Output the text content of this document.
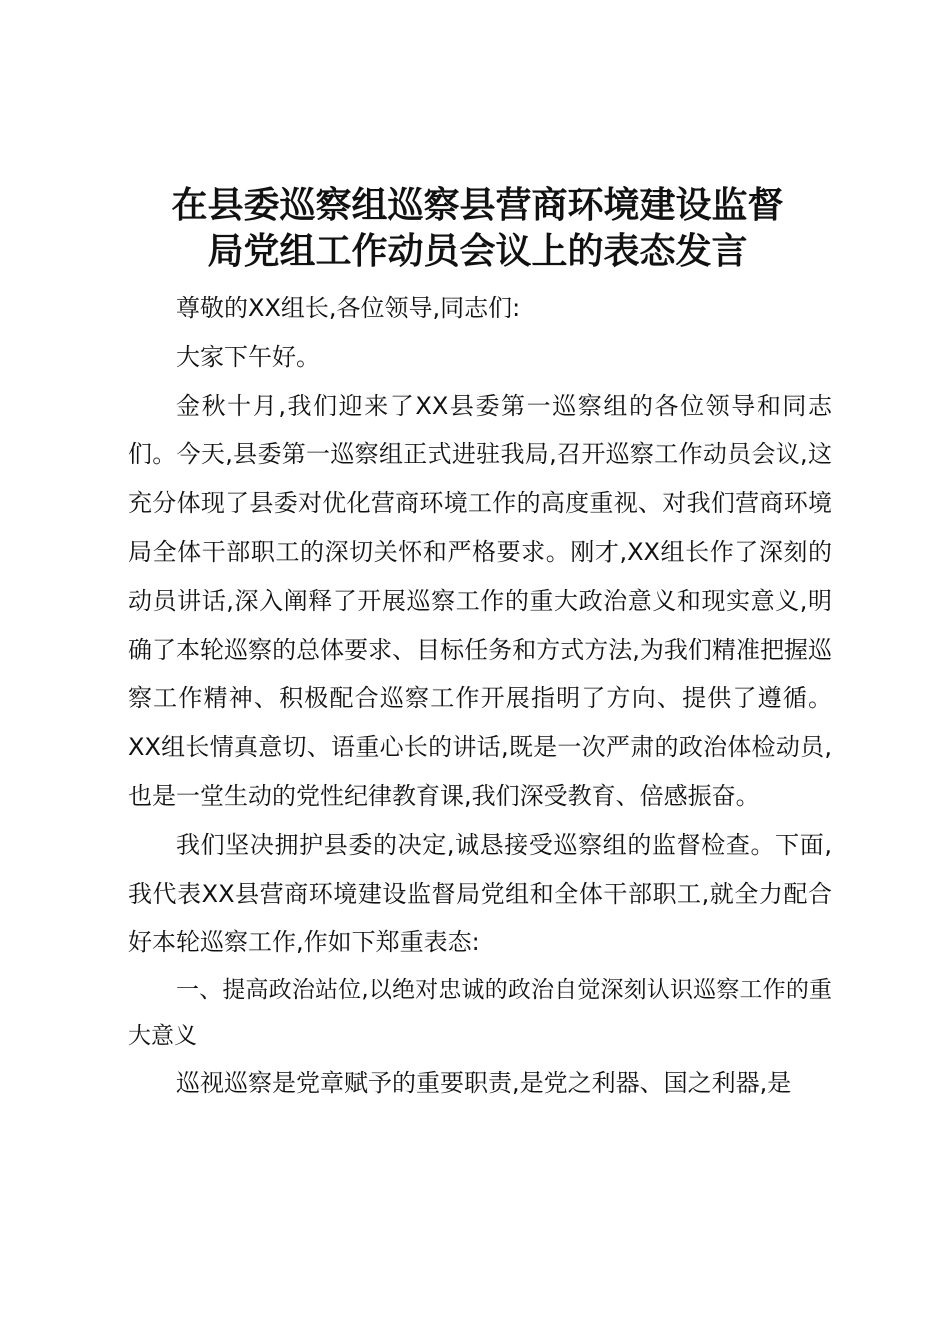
在县委巡察组巡察县营商环境建设监督
局党组工作动员会议上的表态发言

尊敬的XX组长,各位领导,同志们:

大家下午好。

金秋十月,我们迎来了XX县委第一巡察组的各位领导和同志们。今天,县委第一巡察组正式进驻我局,召开巡察工作动员会议,这充分体现了县委对优化营商环境工作的高度重视、对我们营商环境局全体干部职工的深切关怀和严格要求。刚才,XX组长作了深刻的动员讲话,深入阐释了开展巡察工作的重大政治意义和现实意义,明确了本轮巡察的总体要求、目标任务和方式方法,为我们精准把握巡察工作精神、积极配合巡察工作开展指明了方向、提供了遵循。XX组长情真意切、语重心长的讲话,既是一次严肃的政治体检动员,也是一堂生动的党性纪律教育课,我们深受教育、倍感振奋。

我们坚决拥护县委的决定,诚恳接受巡察组的监督检查。下面,我代表XX县营商环境建设监督局党组和全体干部职工,就全力配合好本轮巡察工作,作如下郑重表态:

一、提高政治站位,以绝对忠诚的政治自觉深刻认识巡察工作的重大意义

巡视巡察是党章赋予的重要职责,是党之利器、国之利器,是
